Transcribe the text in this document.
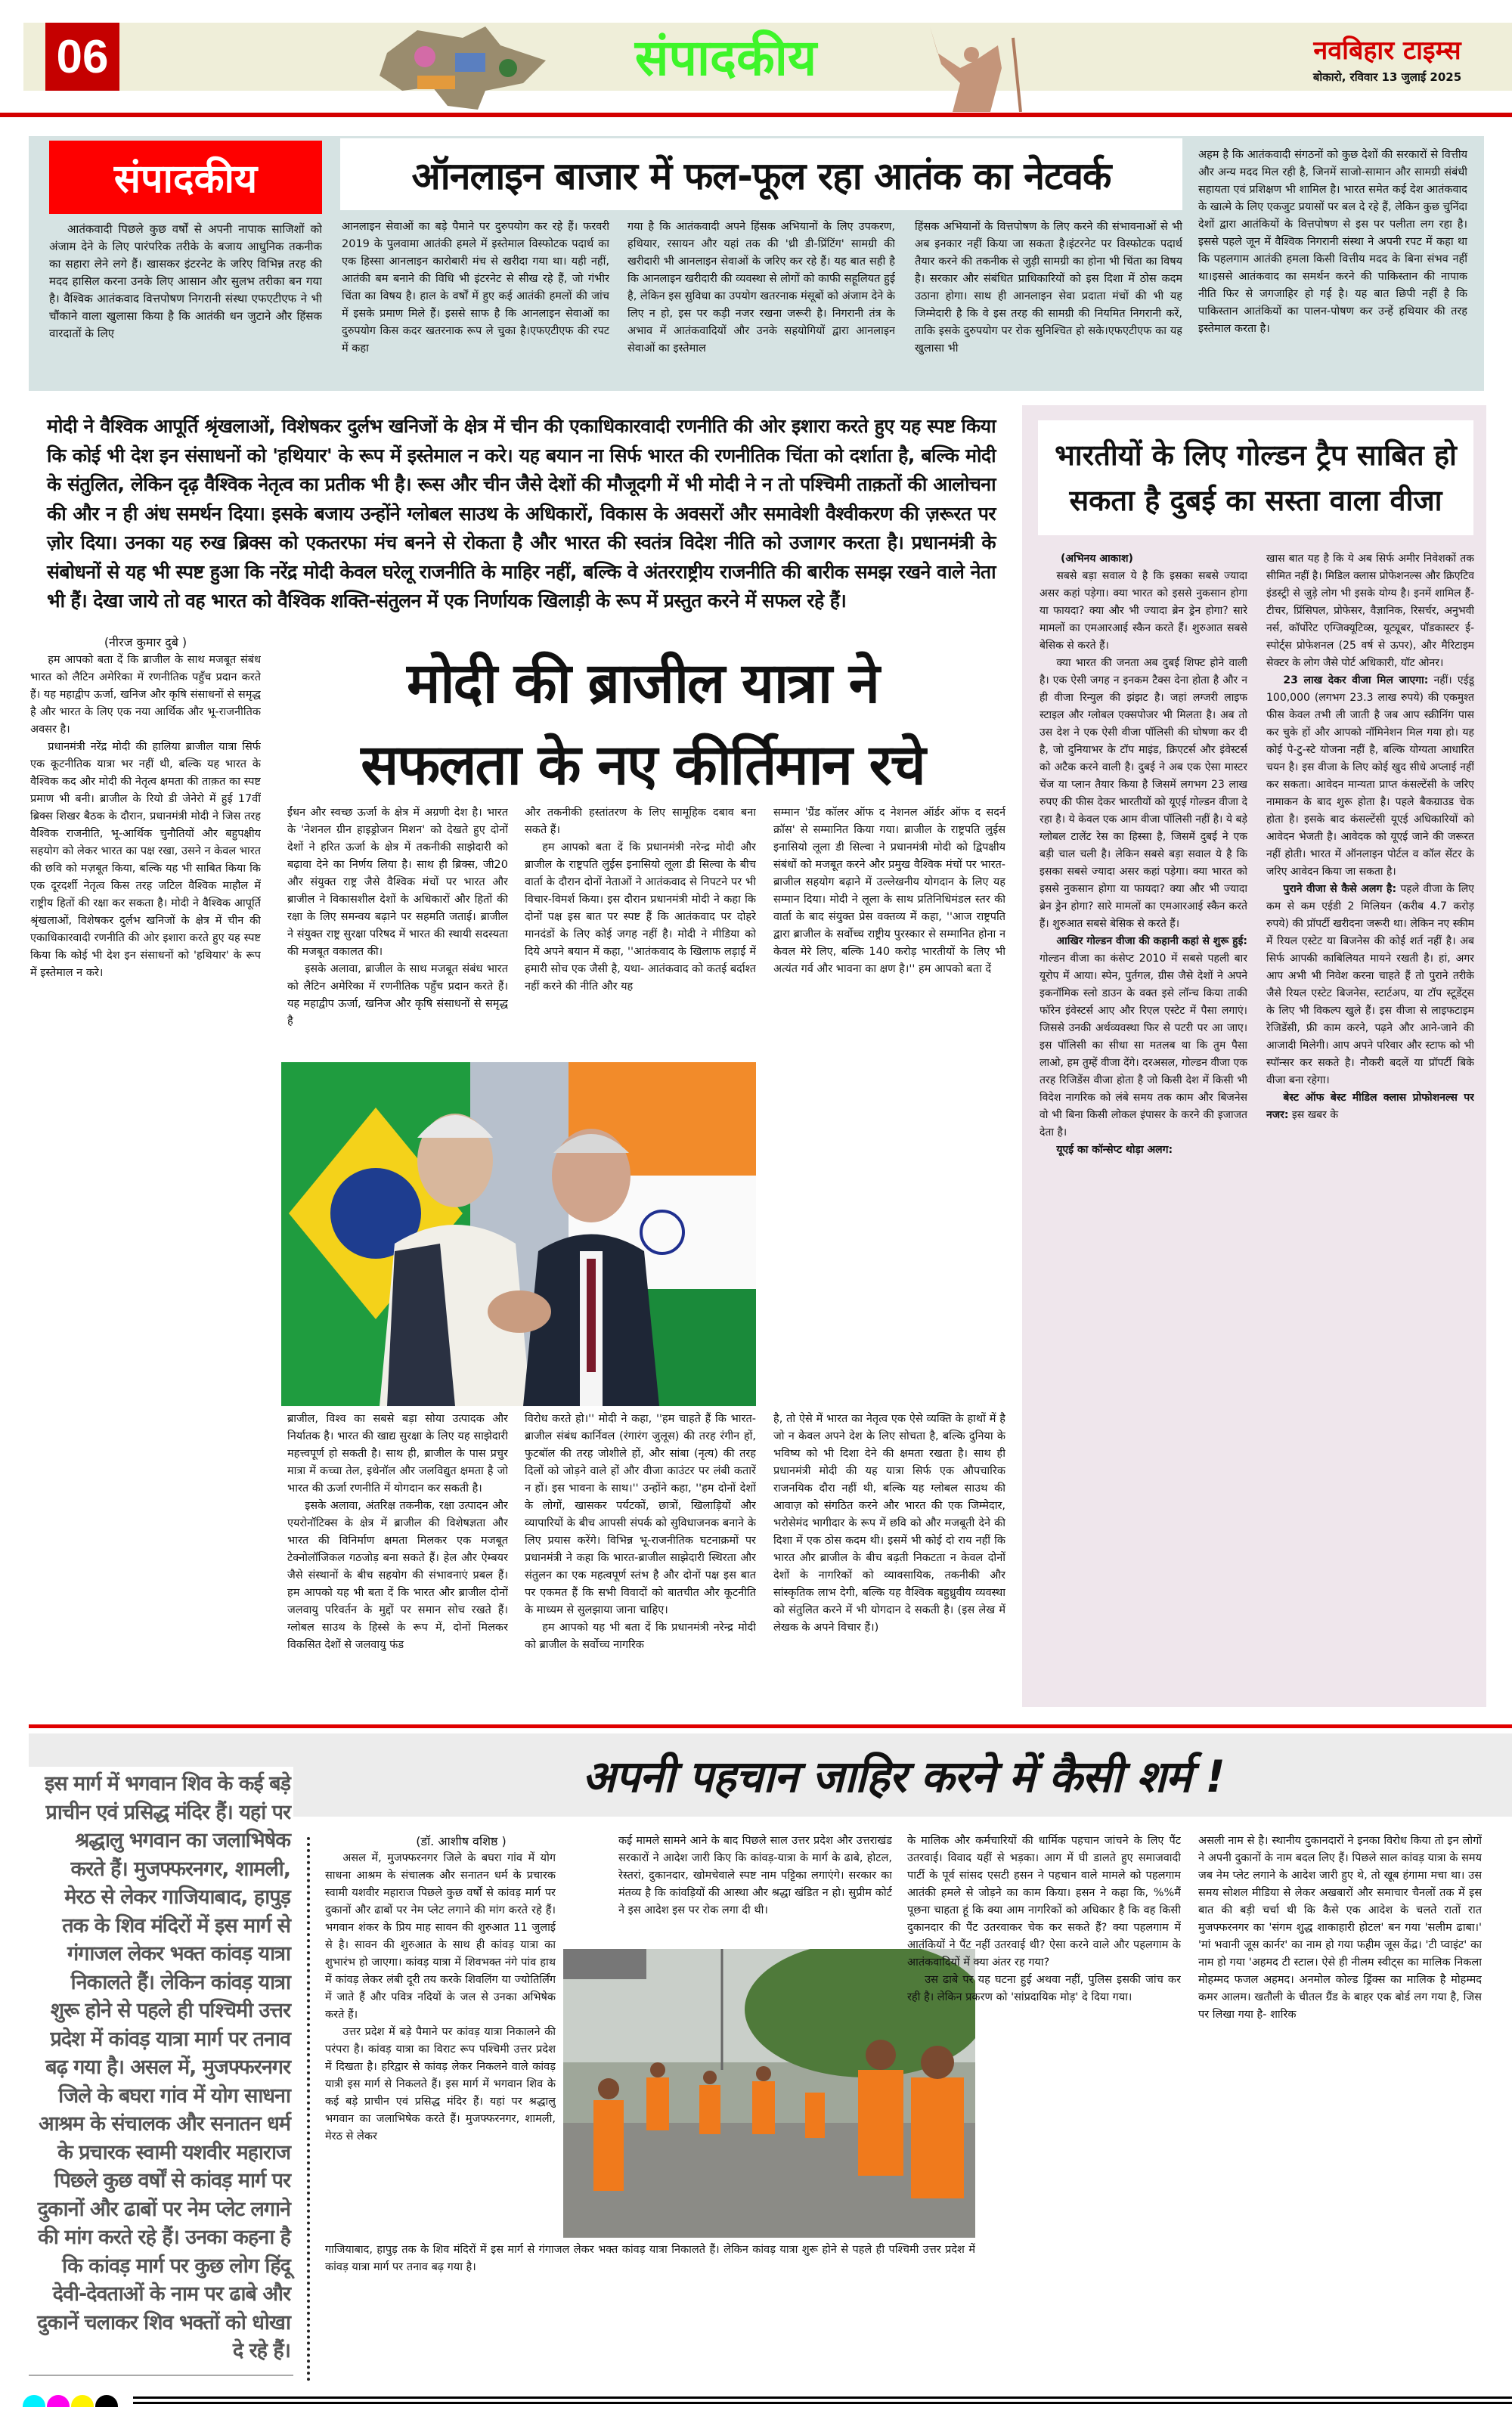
06	संपादकीय	नवबिहार टाइम्स
बोकारो, रविवार 13 जुलाई 2025
संपादकीय	ऑनलाइन बाजार में फल-फूल रहा आतंक का नेटवर्क

आतंकवादी पिछले कुछ वर्षों से अपनी नापाक साजिशों को अंजाम देने के लिए पारंपरिक तरीके के बजाय आधुनिक तकनीक का सहारा लेने लगे हैं। खासकर इंटरनेट के जरिए विभिन्न तरह की मदद हासिल करना उनके लिए आसान और सुलभ तरीका बन गया है। वैश्विक आतंकवाद वित्तपोषण निगरानी संस्था एफएटीएफ ने भी चौंकाने वाला खुलासा किया है कि आतंकी धन जुटाने और हिंसक वारदातों के लिए

आनलाइन सेवाओं का बड़े पैमाने पर दुरुपयोग कर रहे हैं। फरवरी 2019 के पुलवामा आतंकी हमले में इस्तेमाल विस्फोटक पदार्थ का एक हिस्सा आनलाइन कारोबारी मंच से खरीदा गया था। यही नहीं, आतंकी बम बनाने की विधि भी इंटरनेट से सीख रहे हैं, जो गंभीर चिंता का विषय है। हाल के वर्षों में हुए कई आतंकी हमलों की जांच में इसके प्रमाण मिले हैं। इससे साफ है कि आनलाइन सेवाओं का दुरुपयोग किस कदर खतरनाक रूप ले चुका है।एफएटीएफ की रपट में कहा

गया है कि आतंकवादी अपने हिंसक अभियानों के लिए उपकरण, हथियार, रसायन और यहां तक की 'थ्री डी-प्रिंटिंग' सामग्री की खरीदारी भी आनलाइन सेवाओं के जरिए कर रहे हैं। यह बात सही है कि आनलाइन खरीदारी की व्यवस्था से लोगों को काफी सहूलियत हुई है, लेकिन इस सुविधा का उपयोग खतरनाक मंसूबों को अंजाम देने के लिए न हो, इस पर कड़ी नजर रखना जरूरी है। निगरानी तंत्र के अभाव में आतंकवादियों और उनके सहयोगियों द्वारा आनलाइन सेवाओं का इस्तेमाल

हिंसक अभियानों के वित्तपोषण के लिए करने की संभावनाओं से भी अब इनकार नहीं किया जा सकता है।इंटरनेट पर विस्फोटक पदार्थ तैयार करने की तकनीक से जुड़ी सामग्री का होना भी चिंता का विषय है। सरकार और संबंधित प्राधिकारियों को इस दिशा में ठोस कदम उठाना होगा। साथ ही आनलाइन सेवा प्रदाता मंचों की भी यह जिम्मेदारी है कि वे इस तरह की सामग्री की नियमित निगरानी करें, ताकि इसके दुरुपयोग पर रोक सुनिश्चित हो सके।एफएटीएफ का यह खुलासा भी

अहम है कि आतंकवादी संगठनों को कुछ देशों की सरकारों से वित्तीय और अन्य मदद मिल रही है, जिनमें साजो-सामान और सामग्री संबंधी सहायता एवं प्रशिक्षण भी शामिल है। भारत समेत कई देश आतंकवाद के खात्मे के लिए एकजुट प्रयासों पर बल दे रहे हैं, लेकिन कुछ चुनिंदा देशों द्वारा आतंकियों के वित्तपोषण से इस पर पलीता लग रहा है। इससे पहले जून में वैश्विक निगरानी संस्था ने अपनी रपट में कहा था कि पहलगाम आतंकी हमला किसी वित्तीय मदद के बिना संभव नहीं था।इससे आतंकवाद का समर्थन करने की पाकिस्तान की नापाक नीति फिर से जगजाहिर हो गई है। यह बात छिपी नहीं है कि पाकिस्तान आतंकियों का पालन-पोषण कर उन्हें हथियार की तरह इस्तेमाल करता है।

मोदी ने वैश्विक आपूर्ति श्रृंखलाओं, विशेषकर दुर्लभ खनिजों के क्षेत्र में चीन की एकाधिकारवादी रणनीति की ओर इशारा करते हुए यह स्पष्ट किया कि कोई भी देश इन संसाधनों को 'हथियार' के रूप में इस्तेमाल न करे। यह बयान ना सिर्फ भारत की रणनीतिक चिंता को दर्शाता है, बल्कि मोदी के संतुलित, लेकिन दृढ़ वैश्विक नेतृत्व का प्रतीक भी है। रूस और चीन जैसे देशों की मौजूदगी में भी मोदी ने न तो पश्चिमी ताक़तों की आलोचना की और न ही अंध समर्थन दिया। इसके बजाय उन्होंने ग्लोबल साउथ के अधिकारों, विकास के अवसरों और समावेशी वैश्वीकरण की ज़रूरत पर ज़ोर दिया। उनका यह रुख ब्रिक्स को एकतरफा मंच बनने से रोकता है और भारत की स्वतंत्र विदेश नीति को उजागर करता है। प्रधानमंत्री के संबोधनों से यह भी स्पष्ट हुआ कि नरेंद्र मोदी केवल घरेलू राजनीति के माहिर नहीं, बल्कि वे अंतरराष्ट्रीय राजनीति की बारीक समझ रखने वाले नेता भी हैं। देखा जाये तो वह भारत को वैश्विक शक्ति-संतुलन में एक निर्णायक खिलाड़ी के रूप में प्रस्तुत करने में सफल रहे हैं।
(नीरज कुमार दुबे )
मोदी की ब्राजील यात्रा ने
सफलता के नए कीर्तिमान रचे

हम आपको बता दें कि ब्राजील के साथ मजबूत संबंध भारत को लैटिन अमेरिका में रणनीतिक पहुँच प्रदान करते हैं। यह महाद्वीप ऊर्जा, खनिज और कृषि संसाधनों से समृद्ध है और भारत के लिए एक नया आर्थिक और भू-राजनीतिक अवसर है।

प्रधानमंत्री नरेंद्र मोदी की हालिया ब्राजील यात्रा सिर्फ एक कूटनीतिक यात्रा भर नहीं थी, बल्कि यह भारत के वैश्विक कद और मोदी की नेतृत्व क्षमता की ताक़त का स्पष्ट प्रमाण भी बनी। ब्राजील के रियो डी जेनेरो में हुई 17वीं ब्रिक्स शिखर बैठक के दौरान, प्रधानमंत्री मोदी ने जिस तरह वैश्विक राजनीति, भू-आर्थिक चुनौतियों और बहुपक्षीय सहयोग को लेकर भारत का पक्ष रखा, उसने न केवल भारत की छवि को मज़बूत किया, बल्कि यह भी साबित किया कि एक दूरदर्शी नेतृत्व किस तरह जटिल वैश्विक माहौल में राष्ट्रीय हितों की रक्षा कर सकता है। मोदी ने वैश्विक आपूर्ति श्रृंखलाओं, विशेषकर दुर्लभ खनिजों के क्षेत्र में चीन की एकाधिकारवादी रणनीति की ओर इशारा करते हुए यह स्पष्ट किया कि कोई भी देश इन संसाधनों को 'हथियार' के रूप में इस्तेमाल न करे।

ईंधन और स्वच्छ ऊर्जा के क्षेत्र में अग्रणी देश है। भारत के 'नेशनल ग्रीन हाइड्रोजन मिशन' को देखते हुए दोनों देशों ने हरित ऊर्जा के क्षेत्र में तकनीकी साझेदारी को बढ़ावा देने का निर्णय लिया है। साथ ही ब्रिक्स, जी20 और संयुक्त राष्ट्र जैसे वैश्विक मंचों पर भारत और ब्राजील ने विकासशील देशों के अधिकारों और हितों की रक्षा के लिए समन्वय बढ़ाने पर सहमति जताई। ब्राजील ने संयुक्त राष्ट्र सुरक्षा परिषद में भारत की स्थायी सदस्यता की मजबूत वकालत की।

इसके अलावा, ब्राजील के साथ मजबूत संबंध भारत को लैटिन अमेरिका में रणनीतिक पहुँच प्रदान करते हैं। यह महाद्वीप ऊर्जा, खनिज और कृषि संसाधनों से समृद्ध है

और तकनीकी हस्तांतरण के लिए सामूहिक दबाव बना सकते हैं।

हम आपको बता दें कि प्रधानमंत्री नरेन्द्र मोदी और ब्राजील के राष्ट्रपति लुईस इनासियो लूला डी सिल्वा के बीच वार्ता के दौरान दोनों नेताओं ने आतंकवाद से निपटने पर भी विचार-विमर्श किया। इस दौरान प्रधानमंत्री मोदी ने कहा कि दोनों पक्ष इस बात पर स्पष्ट हैं कि आतंकवाद पर दोहरे मानदंडों के लिए कोई जगह नहीं है। मोदी ने मीडिया को दिये अपने बयान में कहा, ''आतंकवाद के खिलाफ लड़ाई में हमारी सोच एक जैसी है, यथा- आतंकवाद को कतई बर्दाश्त नहीं करने की नीति और यह

सम्मान 'ग्रैंड कॉलर ऑफ द नेशनल ऑर्डर ऑफ द सदर्न क्रॉस' से सम्मानित किया गया। ब्राजील के राष्ट्रपति लुईस इनासियो लूला डी सिल्वा ने प्रधानमंत्री मोदी को द्विपक्षीय संबंधों को मजबूत करने और प्रमुख वैश्विक मंचों पर भारत-ब्राजील सहयोग बढ़ाने में उल्लेखनीय योगदान के लिए यह सम्मान दिया। मोदी ने लूला के साथ प्रतिनिधिमंडल स्तर की वार्ता के बाद संयुक्त प्रेस वक्तव्य में कहा, ''आज राष्ट्रपति द्वारा ब्राजील के सर्वोच्च राष्ट्रीय पुरस्कार से सम्मानित होना न केवल मेरे लिए, बल्कि 140 करोड़ भारतीयों के लिए भी अत्यंत गर्व और भावना का क्षण है।'' हम आपको बता दें

ब्राजील, विश्व का सबसे बड़ा सोया उत्पादक और निर्यातक है। भारत की खाद्य सुरक्षा के लिए यह साझेदारी महत्त्वपूर्ण हो सकती है। साथ ही, ब्राजील के पास प्रचुर मात्रा में कच्चा तेल, इथेनॉल और जलविद्युत क्षमता है जो भारत की ऊर्जा रणनीति में योगदान कर सकती है।

इसके अलावा, अंतरिक्ष तकनीक, रक्षा उत्पादन और एयरोनॉटिक्स के क्षेत्र में ब्राजील की विशेषज्ञता और भारत की विनिर्माण क्षमता मिलकर एक मजबूत टेक्नोलॉजिकल गठजोड़ बना सकते हैं। हेल और ऐम्बयर जैसे संस्थानों के बीच सहयोग की संभावनाएं प्रबल हैं। हम आपको यह भी बता दें कि भारत और ब्राजील दोनों जलवायु परिवर्तन के मुद्दों पर समान सोच रखते हैं। ग्लोबल साउथ के हिस्से के रूप में, दोनों मिलकर विकसित देशों से जलवायु फंड

विरोध करते हो।'' मोदी ने कहा, ''हम चाहते हैं कि भारत-ब्राजील संबंध कार्निवल (रंगारंग जुलूस) की तरह रंगीन हों, फुटबॉल की तरह जोशीले हों, और सांबा (नृत्य) की तरह दिलों को जोड़ने वाले हों और वीजा काउंटर पर लंबी कतारें न हों। इस भावना के साथ।'' उन्होंने कहा, ''हम दोनों देशों के लोगों, खासकर पर्यटकों, छात्रों, खिलाड़ियों और व्यापारियों के बीच आपसी संपर्क को सुविधाजनक बनाने के लिए प्रयास करेंगे। विभिन्न भू-राजनीतिक घटनाक्रमों पर प्रधानमंत्री ने कहा कि भारत-ब्राजील साझेदारी स्थिरता और संतुलन का एक महत्वपूर्ण स्तंभ है और दोनों पक्ष इस बात पर एकमत हैं कि सभी विवादों को बातचीत और कूटनीति के माध्यम से सुलझाया जाना चाहिए।

हम आपको यह भी बता दें कि प्रधानमंत्री नरेन्द्र मोदी को ब्राजील के सर्वोच्च नागरिक

है, तो ऐसे में भारत का नेतृत्व एक ऐसे व्यक्ति के हाथों में है जो न केवल अपने देश के लिए सोचता है, बल्कि दुनिया के भविष्य को भी दिशा देने की क्षमता रखता है। साथ ही प्रधानमंत्री मोदी की यह यात्रा सिर्फ एक औपचारिक राजनयिक दौरा नहीं थी, बल्कि यह ग्लोबल साउथ की आवाज़ को संगठित करने और भारत की एक जिम्मेदार, भरोसेमंद भागीदार के रूप में छवि को और मजबूती देने की दिशा में एक ठोस कदम थी। इसमें भी कोई दो राय नहीं कि भारत और ब्राजील के बीच बढ़ती निकटता न केवल दोनों देशों के नागरिकों को व्यावसायिक, तकनीकी और सांस्कृतिक लाभ देगी, बल्कि यह वैश्विक बहुध्रुवीय व्यवस्था को संतुलित करने में भी योगदान दे सकती है। (इस लेख में लेखक के अपने विचार हैं।)

भारतीयों के लिए गोल्डन ट्रैप साबित हो
सकता है दुबई का सस्ता वाला वीजा
(अभिनय आकाश)

सबसे बड़ा सवाल ये है कि इसका सबसे ज्यादा असर कहां पड़ेगा। क्या भारत को इससे नुकसान होगा या फायदा? क्या और भी ज्यादा ब्रेन ड्रेन होगा? सारे मामलों का एमआरआई स्कैन करते हैं। शुरुआत सबसे बेसिक से करते हैं।

क्या भारत की जनता अब दुबई शिफ्ट होने वाली है। एक ऐसी जगह न इनकम टैक्स देना होता है और न ही वीजा रिन्युल की झंझट है। जहां लग्जरी लाइफ स्टाइल और ग्लोबल एक्सपोजर भी मिलता है। अब तो उस देश ने एक ऐसी वीजा पॉलिसी की घोषणा कर दी है, जो दुनियाभर के टॉप माइंड, क्रिएटर्स और इंवेस्टर्स को अटैक करने वाली है। दुबई ने अब एक ऐसा मास्टर चेंज या प्लान तैयार किया है जिसमें लगभग 23 लाख रुपए की फीस देकर भारतीयों को यूएई गोल्डन वीजा दे रहा है। ये केवल एक आम वीजा पॉलिसी नहीं है। ये बड़े ग्लोबल टालेंट रेस का हिस्सा है, जिसमें दुबई ने एक बड़ी चाल चली है। लेकिन सबसे बड़ा सवाल ये है कि इसका सबसे ज्यादा असर कहां पड़ेगा। क्या भारत को इससे नुकसान होगा या फायदा? क्या और भी ज्यादा ब्रेन ड्रेन होगा? सारे मामलों का एमआरआई स्कैन करते हैं। शुरुआत सबसे बेसिक से करते हैं।

आखिर गोल्डन वीजा की कहानी कहां से शुरू हुई: गोल्डन वीजा का कंसेप्ट 2010 में सबसे पहली बार यूरोप में आया। स्पेन, पुर्तगल, ग्रीस जैसे देशों ने अपने इकनॉमिक स्लो डाउन के वक्त इसे लॉन्च किया ताकी फॉरेन इंवेस्टर्स आए और रिएल एस्टेट में पैसा लगाएं। जिससे उनकी अर्थव्यवस्था फिर से पटरी पर आ जाए। इस पॉलिसी का सीधा सा मतलब था कि तुम पैसा लाओ, हम तुम्हें वीजा देंगे। दरअसल, गोल्डन वीजा एक तरह रिजिडेंस वीजा होता है जो किसी देश में किसी भी विदेश नागरिक को लंबे समय तक काम और बिजनेस वो भी बिना किसी लोकल इंपासर के करने की इजाजत देता है।

यूएई का कॉन्सेप्ट थोड़ा अलग:

खास बात यह है कि ये अब सिर्फ अमीर निवेशकों तक सीमित नहीं है। मिडिल क्लास प्रोफेशनल्स और क्रिएटिव इंडस्ट्री से जुड़े लोग भी इसके योग्य है। इनमें शामिल हैं- टीचर, प्रिंसिपल, प्रोफेसर, वैज्ञानिक, रिसर्चर, अनुभवी नर्स, कॉर्पोरेट एग्जिक्यूटिव्स, यूट्यूबर, पॉडकास्टर ई-स्पोर्ट्स प्रोफेशनल (25 वर्ष से ऊपर), और मैरिटाइम सेक्टर के लोग जैसे पोर्ट अधिकारी, यॉट ओनर।

23 लाख देकर वीजा मिल जाएगा: नहीं। एईडू 100,000 (लगभग 23.3 लाख रुपये) की एकमुश्त फीस केवल तभी ली जाती है जब आप स्क्रीनिंग पास कर चुके हों और आपको नॉमिनेशन मिल गया हो। यह कोई पे-टु-स्टे योजना नहीं है, बल्कि योग्यता आधारित चयन है। इस वीजा के लिए कोई खुद सीधे अप्लाई नहीं कर सकता। आवेदन मान्यता प्राप्त कंसल्टेंसी के जरिए नामाकन के बाद शुरू होता है। पहले बैकग्राउड चेक होता है। इसके बाद कंसल्टेंसी यूएई अधिकारियों को आवेदन भेजती है। आवेदक को यूएई जाने की जरूरत नहीं होती। भारत में ऑनलाइन पोर्टल व कॉल सेंटर के जरिए आवेदन किया जा सकता है।

पुराने वीजा से कैसे अलग है: पहले वीजा के लिए कम से कम एईडी 2 मिलियन (करीब 4.7 करोड़ रुपये) की प्रॉपर्टी खरीदना जरूरी था। लेकिन नए स्कीम में रियल एस्टेट या बिजनेस की कोई शर्त नहीं है। अब सिर्फ आपकी काबिलियत मायने रखती है। हां, अगर आप अभी भी निवेश करना चाहते हैं तो पुराने तरीके जैसे रियल एस्टेट बिजनेस, स्टार्टअप, या टॉप स्टूडेंट्स के लिए भी विकल्प खुले हैं। इस वीजा से लाइफटाइम रेजिडेंसी, फ्री काम करने, पढ़ने और आने-जाने की आजादी मिलेगी। आप अपने परिवार और स्टाफ को भी स्पॉन्सर कर सकते है। नौकरी बदलें या प्रॉपर्टी बिके वीजा बना रहेगा।

बेस्ट ऑफ बेस्ट मीडिल क्लास प्रोफोशनल्स पर नजर: इस खबर के

अपनी पहचान जाहिर करने में कैसी शर्म !
इस मार्ग में भगवान शिव के कई बड़े प्राचीन एवं प्रसिद्ध मंदिर हैं। यहां पर श्रद्धालु भगवान का जलाभिषेक करते हैं। मुजफ्फरनगर, शामली, मेरठ से लेकर गाजियाबाद, हापुड़ तक के शिव मंदिरों में इस मार्ग से गंगाजल लेकर भक्त कांवड़ यात्रा निकालते हैं। लेकिन कांवड़ यात्रा शुरू होने से पहले ही पश्चिमी उत्तर प्रदेश में कांवड़ यात्रा मार्ग पर तनाव बढ़ गया है। असल में, मुजफ्फरनगर जिले के बघरा गांव में योग साधना आश्रम के संचालक और सनातन धर्म के प्रचारक स्वामी यशवीर महाराज पिछले कुछ वर्षों से कांवड़ मार्ग पर दुकानों और ढाबों पर नेम प्लेट लगाने की मांग करते रहे हैं। उनका कहना है कि कांवड़ मार्ग पर कुछ लोग हिंदू देवी-देवताओं के नाम पर ढाबे और दुकानें चलाकर शिव भक्तों को धोखा दे रहे हैं।
(डॉ. आशीष वशिष्ठ )

असल में, मुजफ्फरनगर जिले के बघरा गांव में योग साधना आश्रम के संचालक और सनातन धर्म के प्रचारक स्वामी यशवीर महाराज पिछले कुछ वर्षों से कांवड़ मार्ग पर दुकानों और ढाबों पर नेम प्लेट लगाने की मांग करते रहे हैं। भगवान शंकर के प्रिय माह सावन की शुरुआत 11 जुलाई से है। सावन की शुरुआत के साथ ही कांवड़ यात्रा का शुभारंभ हो जाएगा। कांवड़ यात्रा में शिवभक्त नंगे पांव हाथ में कांवड़ लेकर लंबी दूरी तय करके शिवलिंग या ज्योतिर्लिंग में जाते हैं और पवित्र नदियों के जल से उनका अभिषेक करते हैं।

उत्तर प्रदेश में बड़े पैमाने पर कांवड़ यात्रा निकालने की परंपरा है। कांवड़ यात्रा का विराट रूप पश्चिमी उत्तर प्रदेश में दिखता है। हरिद्वार से कांवड़ लेकर निकलने वाले कांवड़ यात्री इस मार्ग से निकलते हैं। इस मार्ग में भगवान शिव के कई बड़े प्राचीन एवं प्रसिद्ध मंदिर हैं। यहां पर श्रद्धालु भगवान का जलाभिषेक करते हैं। मुजफ्फरनगर, शामली, मेरठ से लेकर

गाजियाबाद, हापुड़ तक के शिव मंदिरों में इस मार्ग से गंगाजल लेकर भक्त कांवड़ यात्रा निकालते हैं। लेकिन कांवड़ यात्रा शुरू होने से पहले ही पश्चिमी उत्तर प्रदेश में कांवड़ यात्रा मार्ग पर तनाव बढ़ गया है।

कई मामले सामने आने के बाद पिछले साल उत्तर प्रदेश और उत्तराखंड सरकारों ने आदेश जारी किए कि कांवड़-यात्रा के मार्ग के ढाबे, होटल, रेस्तरां, दुकानदार, खोमचेवाले स्पष्ट नाम पट्टिका लगाएंगे। सरकार का मंतव्य है कि कांवड़ियों की आस्था और श्रद्धा खंडित न हो। सुप्रीम कोर्ट ने इस आदेश इस पर रोक लगा दी थी।

के मालिक और कर्मचारियों की धार्मिक पहचान जांचने के लिए पैंट उतरवाई। विवाद यहीं से भड़का। आग में घी डालते हुए समाजवादी पार्टी के पूर्व सांसद एसटी हसन ने पहचान वाले मामले को पहलगाम आतंकी हमले से जोड़ने का काम किया। हसन ने कहा कि, %%मैं पूछना चाहता हूं कि क्या आम नागरिकों को अधिकार है कि वह किसी दुकानदार की पैंट उतरवाकर चेक कर सकते हैं? क्या पहलगाम में आतंकियों ने पैंट नहीं उतरवाई थी? ऐसा करने वाले और पहलगाम के आतंकवादियों में क्या अंतर रह गया?

उस ढाबे पर यह घटना हुई अथवा नहीं, पुलिस इसकी जांच कर रही है। लेकिन प्रकरण को 'सांप्रदायिक मोड़' दे दिया गया।

असली नाम से है। स्थानीय दुकानदारों ने इनका विरोध किया तो इन लोगों ने अपनी दुकानों के नाम बदल लिए हैं। पिछले साल कांवड़ यात्रा के समय जब नेम प्लेट लगाने के आदेश जारी हुए थे, तो खूब हंगामा मचा था। उस समय सोशल मीडिया से लेकर अखबारों और समाचार चैनलों तक में इस बात की बड़ी चर्चा थी कि कैसे एक आदेश के चलते रातों रात मुजफ्फरनगर का 'संगम शुद्ध शाकाहारी होटल' बन गया 'सलीम ढाबा।' 'मां भवानी जूस कार्नर' का नाम हो गया फहीम जूस केंद्र। 'टी प्वाइंट' का नाम हो गया 'अहमद टी स्टाल। ऐसे ही नीलम स्वीट्स का मालिक निकला मोहम्मद फजल अहमद। अनमोल कोल्ड ड्रिंक्स का मालिक है मोहम्मद कमर आलम। खतौली के चीतल ग्रैंड के बाहर एक बोर्ड लग गया है, जिस पर लिखा गया है- शारिक
